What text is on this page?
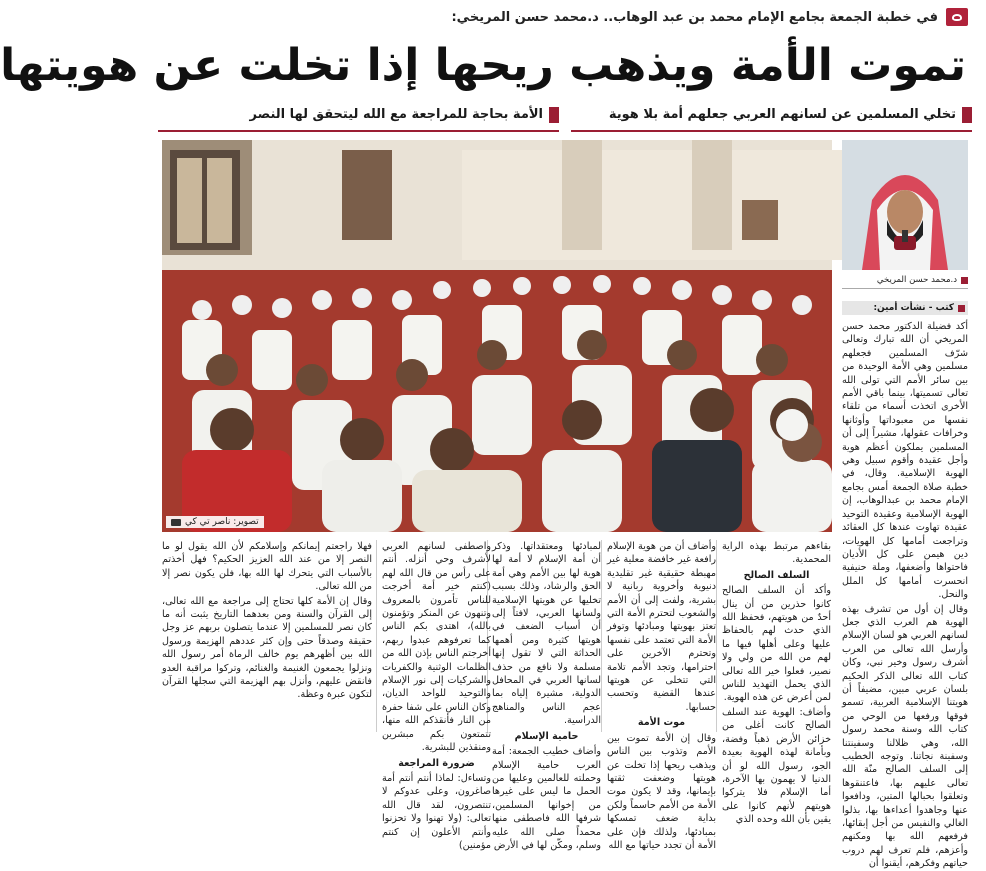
في خطبة الجمعة بجامع الإمام محمد بن عبد الوهاب.. د.محمد حسن المريخي:
تموت الأمة ويذهب ريحها إذا تخلت عن هويتها
تخلي المسلمين عن لسانهم العربي جعلهم أمة بلا هوية
الأمة بحاجة للمراجعة مع الله ليتحقق لها النصر
تصوير: ناصر تي كي
د.محمد حسن المريخي
كتب - نشأت أمين:

أكد فضيلة الدكتور محمد حسن المريخي أن الله تبارك وتعالى شرّف المسلمين فجعلهم مسلمين وهي الأمة الوحيدة من بين سائر الأمم التي تولى الله تعالى تسميتها، بينما باقي الأمم الأخرى اتخذت أسماء من تلقاء نفسها من معبوداتها وأوثانها وخرافات عقولها، مشيراً إلى أن المسلمين يملكون أعظم هوية وأجل عقيدة وأقوم سبيل وهي الهوية الإسلامية. وقال، في خطبة صلاة الجمعة أمس بجامع الإمام محمد بن عبدالوهاب، إن الهوية الإسلامية وعقيدة التوحيد عقيدة تهاوت عندها كل العقائد وتراجعت أمامها كل الهويات، دين هيمن على كل الأديان فاحتواها وأضعفها، وملة حنيفية انحسرت أمامها كل الملل والنحل.

وقال إن أول من تشرف بهذه الهوية هم العرب الذي جعل لسانهم العربي هو لسان الإسلام وأرسل الله تعالى من العرب أشرف رسول وخير نبي، وكان كتاب الله تعالى الذكر الحكيم بلسان عربي مبين، مضيفاً أن هويتنا الإسلامية العربية، تسمو فوقها ورفعها من الوحي من كتاب الله وسنة محمد رسول الله، وهي ظلالنا وسفينتنا وسفينة نجاتنا. وتوجه الخطيب إلى السلف الصالح منّة الله تعالى عليهم بها، فاعتنقوها وتعلقوا بحبالها المتين، ودافعوا عنها وجاهدوا أعداءها بها، بذلوا الغالي والنفيس من أجل إبقائها، فرفعهم الله بها ومكنهم وأعزهم، فلم تعرف لهم دروب حياتهم وفكرهم، أيقنوا أن

بقاءهم مرتبط بهذه الراية المحمدية.

السلف الصالح

وأكد أن السلف الصالح كانوا حذرين من أن ينال أحدٌ من هويتهم، فحفظ الله الذي حدث لهم بالحفاظ عليها وعلى أهلها فيها ما لهم من الله من ولي ولا نصير، فعلوا خير الله تعالى الذي يحمل التهديد للناس لمن أعرض عن هذه الهوية.

وأضاف: الهوية عند السلف الصالح كانت أغلى من خزائن الأرض ذهباً وفضة، وبأمانة لهذه الهوية بعيدة الجو، رسول الله لو أن الدنيا لا يهمون بها الآخرة، أما الإسلام فلا يتركوا هويتهم لأنهم كانوا على يقين بأن الله وحده الذي

وأضاف أن من هوية الإسلام رافعة غير خافضة معلية غير مهبطة حقيقية غير تقليدية دنيوية وأخروية ربانية لا بشرية، ولفت إلى أن الأمم والشعوب لتحترم الأمة التي تعتز بهويتها ومبادئها وتوفر الأمة التي تعتمد على نفسها وتحترم الآخرين على احترامها، وتجد الأمم تلامة التي تتخلى عن هويتها عندها القضية وتحسب حسابها.

موت الأمة

وقال إن الأمة تموت بين الأمم وتذوب بين الناس ويذهب ريحها إذا تخلت عن هويتها وضعفت ثقتها بإيمانها، وقد لا يكون موت الأمة من الأمم حاسماً ولكن بداية ضعف تمسكها بمبادئها، ولذلك فإن على الأمة أن تجدد حياتها مع الله

لمبادئها ومعتقداتها. وذكر أن أمة الإسلام لا أمة لها هوية لها بين الأمم وهي أمة الحق والرشاد، وذلك بسبب تخليها عن هويتها الإسلامية ولسانها العربي، لافتاً إلى أن أسباب الضعف في هويتها كثيرة ومن أهمها الحداثة التي لا تقول إنها مسلمة ولا نافع من حذف لسانها العربي في المحافل الدولية، مشيرة إلياه بما عجم الناس والمناهج الدراسية.

حامية الإسلام

وأضاف خطيب الجمعة: أمة العرب حامية الإسلام وحملته للعالمين وعليها من الحمل ما ليس على غيرها من إخوانها المسلمين، شرفها الله فاصطفى منها محمداً صلى الله عليه وسلم، ومكّن لها في الأرض

واصطفى لسانهم العربي لأشرف وحي أنزله. أنتم على رأس من قال الله لهم (كنتم خير أمة أخرجت للناس تأمرون بالمعروف وتنهون عن المنكر وتؤمنون بالله)، اهتدى بكم الناس كما تعرفوهم عبدوا ربهم، أخرجتم الناس بإذن الله من الظلمات الوثنية والكفريات والشركيات إلى نور الإسلام والتوحيد للواحد الديان، وكان الناس على شفا حفرة من النار فأنقذكم الله منها، تتمتعون بكم مبشرين ومنقذين للبشرية.

ضرورة المراجعة

وتساءل: لماذا أنتم أنتم أمة صاغرون، وعلى عدوكم لا تنتصرون، لقد قال الله تعالى: (ولا تهنوا ولا تحزنوا وأنتم الأعلون إن كنتم مؤمنين)

فهلا راجعتم إيمانكم وإسلامكم لأن الله يقول لو ما النصر إلا من عند الله العزيز الحكيم؟ فهل أخذتم بالأسباب التي يتحرك لها الله بها، فلن يكون نصر إلا من الله تعالى.

وقال إن الأمة كلها تحتاج إلى مراجعة مع الله تعالى، إلى القرآن والسنة ومن بعدهما التاريخ يثبت أنه ما كان نصر للمسلمين إلا عندما يتصلون بربهم عز وجل حقيقة وصدقاً حتى وإن كثر عددهم الهزيمة ورسول الله بين أظهرهم يوم خالف الرماة أمر رسول الله ونزلوا يجمعون الغنيمة والغنائم، وتركوا مراقبة العدو فانقض عليهم، وأنزل بهم الهزيمة التي سجلها القرآن لتكون عبرة وعظة.
